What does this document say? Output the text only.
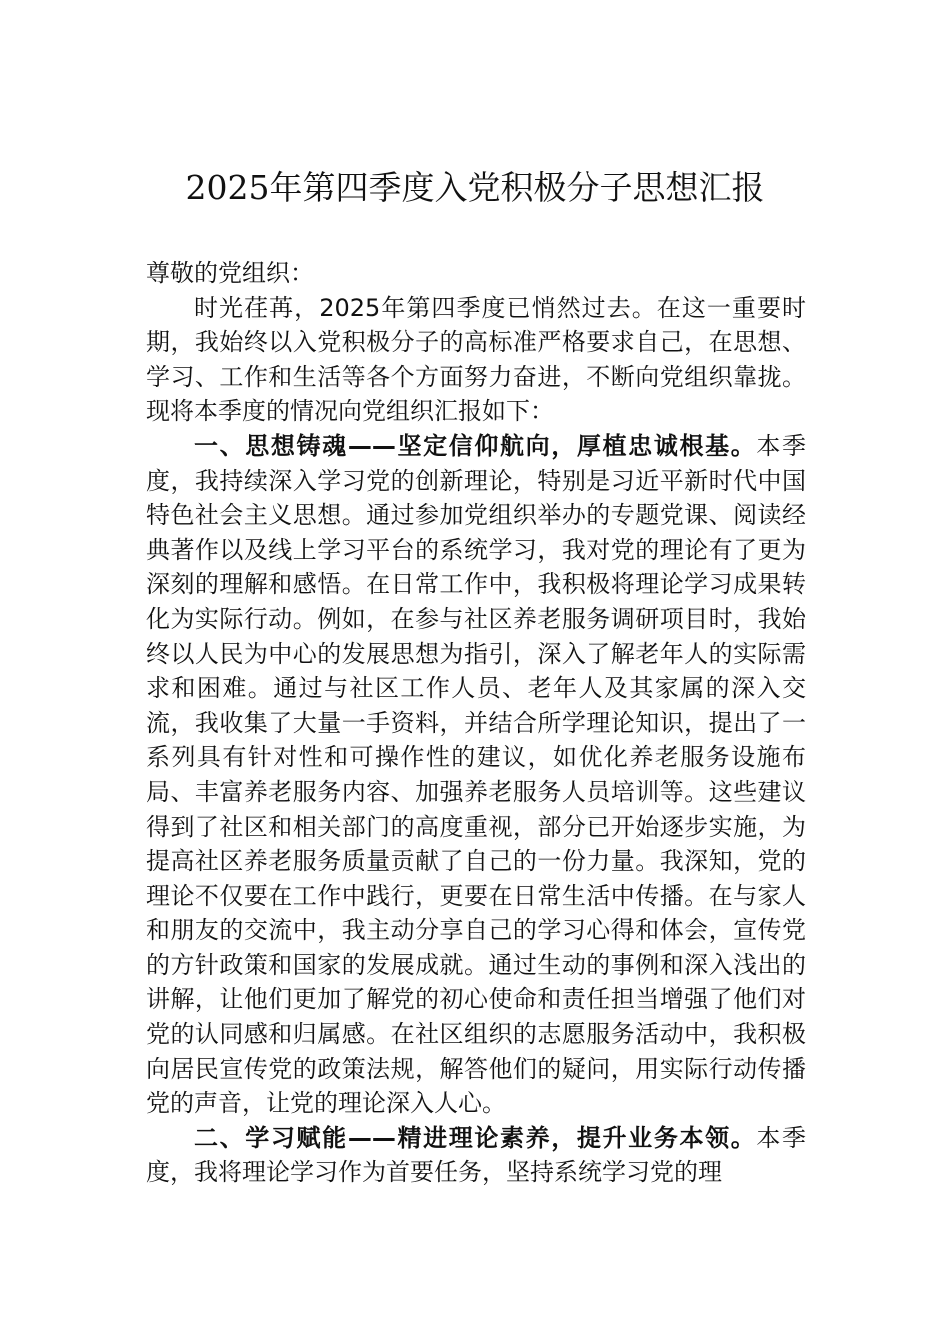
2025年第四季度入党积极分子思想汇报

尊敬的党组织：

时光荏苒，2025年第四季度已悄然过去。在这一重要时期，我始终以入党积极分子的高标准严格要求自己，在思想、学习、工作和生活等各个方面努力奋进，不断向党组织靠拢。现将本季度的情况向党组织汇报如下：

一、思想铸魂——坚定信仰航向，厚植忠诚根基。本季度，我持续深入学习党的创新理论，特别是习近平新时代中国特色社会主义思想。通过参加党组织举办的专题党课、阅读经典著作以及线上学习平台的系统学习，我对党的理论有了更为深刻的理解和感悟。在日常工作中，我积极将理论学习成果转化为实际行动。例如，在参与社区养老服务调研项目时，我始终以人民为中心的发展思想为指引，深入了解老年人的实际需求和困难。通过与社区工作人员、老年人及其家属的深入交流，我收集了大量一手资料，并结合所学理论知识，提出了一系列具有针对性和可操作性的建议，如优化养老服务设施布局、丰富养老服务内容、加强养老服务人员培训等。这些建议得到了社区和相关部门的高度重视，部分已开始逐步实施，为提高社区养老服务质量贡献了自己的一份力量。我深知，党的理论不仅要在工作中践行，更要在日常生活中传播。在与家人和朋友的交流中，我主动分享自己的学习心得和体会，宣传党的方针政策和国家的发展成就。通过生动的事例和深入浅出的讲解，让他们更加了解党的初心使命和责任担当增强了他们对党的认同感和归属感。在社区组织的志愿服务活动中，我积极向居民宣传党的政策法规，解答他们的疑问，用实际行动传播党的声音，让党的理论深入人心。

二、学习赋能——精进理论素养，提升业务本领。本季度，我将理论学习作为首要任务，坚持系统学习党的理
